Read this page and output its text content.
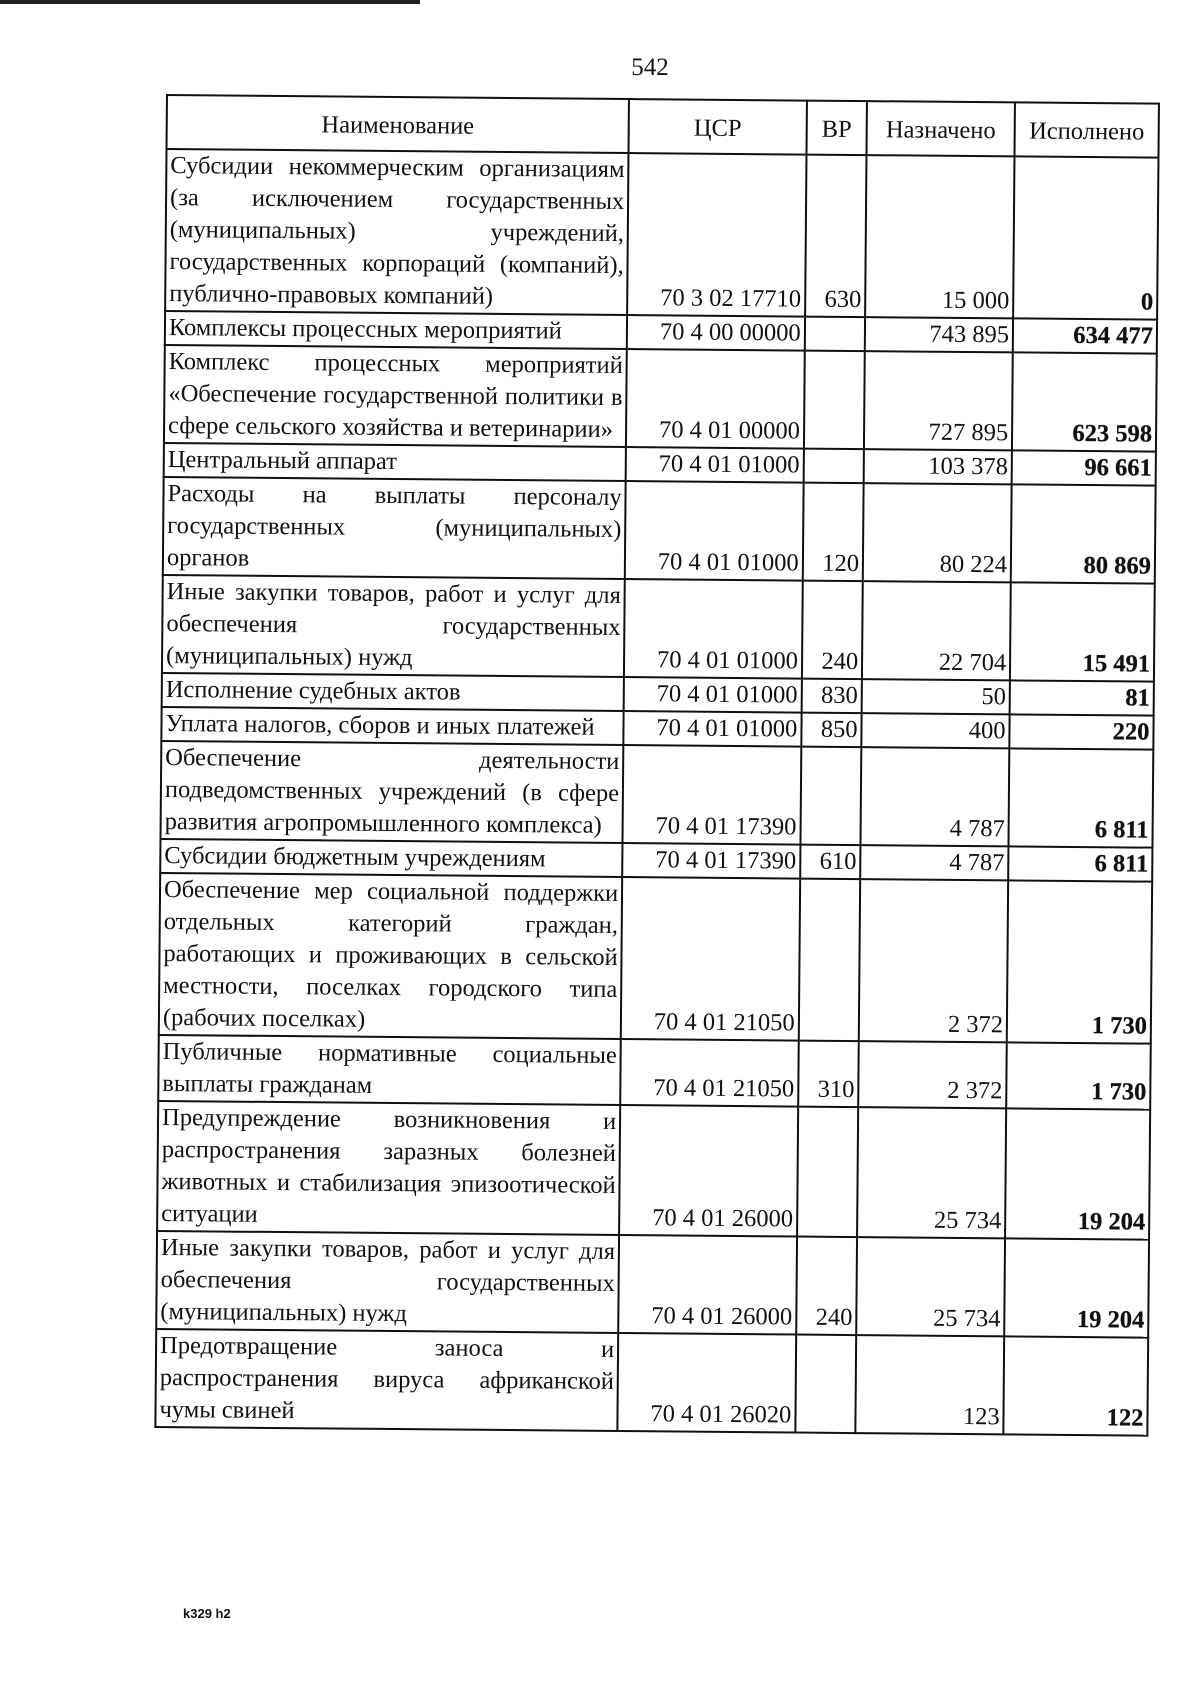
542
Наименование	ЦСР	ВР	Назначено	Исполнено
Субсидии некоммерческим организациям (за исключением государственных (муниципальных) учреждений, государственных корпораций (компаний), публично-правовых компаний)	70 3 02 17710	630	15 000	0
Комплексы процессных мероприятий	70 4 00 00000		743 895	634 477
Комплекс процессных мероприятий «Обеспечение государственной политики в сфере сельского хозяйства и ветеринарии»	70 4 01 00000		727 895	623 598
Центральный аппарат	70 4 01 01000		103 378	96 661
Расходы на выплаты персоналу государственных (муниципальных) органов	70 4 01 01000	120	80 224	80 869
Иные закупки товаров, работ и услуг для обеспечения государственных (муниципальных) нужд	70 4 01 01000	240	22 704	15 491
Исполнение судебных актов	70 4 01 01000	830	50	81
Уплата налогов, сборов и иных платежей	70 4 01 01000	850	400	220
Обеспечение деятельности подведомственных учреждений (в сфере развития агропромышленного комплекса)	70 4 01 17390		4 787	6 811
Субсидии бюджетным учреждениям	70 4 01 17390	610	4 787	6 811
Обеспечение мер социальной поддержки отдельных категорий граждан, работающих и проживающих в сельской местности, поселках городского типа (рабочих поселках)	70 4 01 21050		2 372	1 730
Публичные нормативные социальные выплаты гражданам	70 4 01 21050	310	2 372	1 730
Предупреждение возникновения и распространения заразных болезней животных и стабилизация эпизоотической ситуации	70 4 01 26000		25 734	19 204
Иные закупки товаров, работ и услуг для обеспечения государственных (муниципальных) нужд	70 4 01 26000	240	25 734	19 204
Предотвращение заноса и распространения вируса африканской чумы свиней	70 4 01 26020		123	122
k329 h2
